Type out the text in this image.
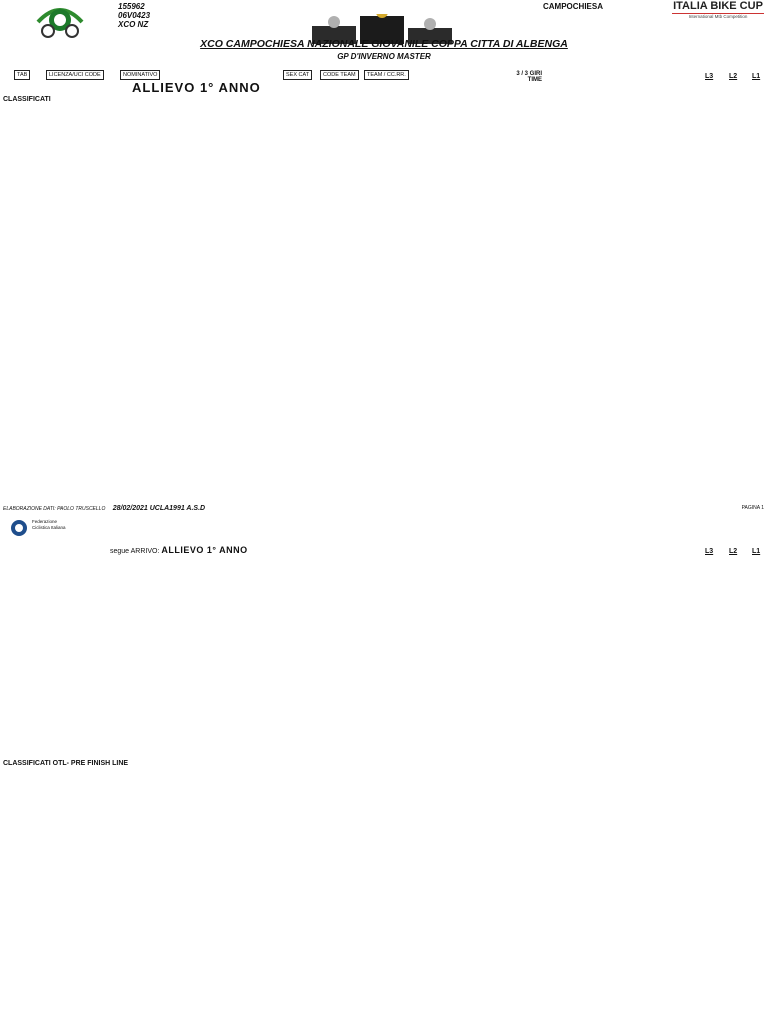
155962
06V0423
XCO NZ
CAMPOCHIESA	ITALIA BIKE CUP
International Mtb Competition
XCO CAMPOCHIESA NAZIONALE GIOVANILE COPPA CITTA DI ALBENGA
GP D'INVERNO MASTER
TAB	LICENZA/UCI CODE	NOMINATIVO	SEX CAT	CODE TEAM	TEAM / CC.RR.	3 / 3 GIRI
TIME	L3 L2 L1
ALLIEVO 1° ANNO
CLASSIFICATI
ELABORAZIONE DATI: PAOLO TRUSCELLO 28/02/2021 UCLA1991 A.S.D	PAGINA 1
Federazione Ciclistica Italiana
segue ARRIVO: ALLIEVO 1° ANNO	L3 L2 L1
CLASSIFICATI OTL- PRE FINISH LINE
